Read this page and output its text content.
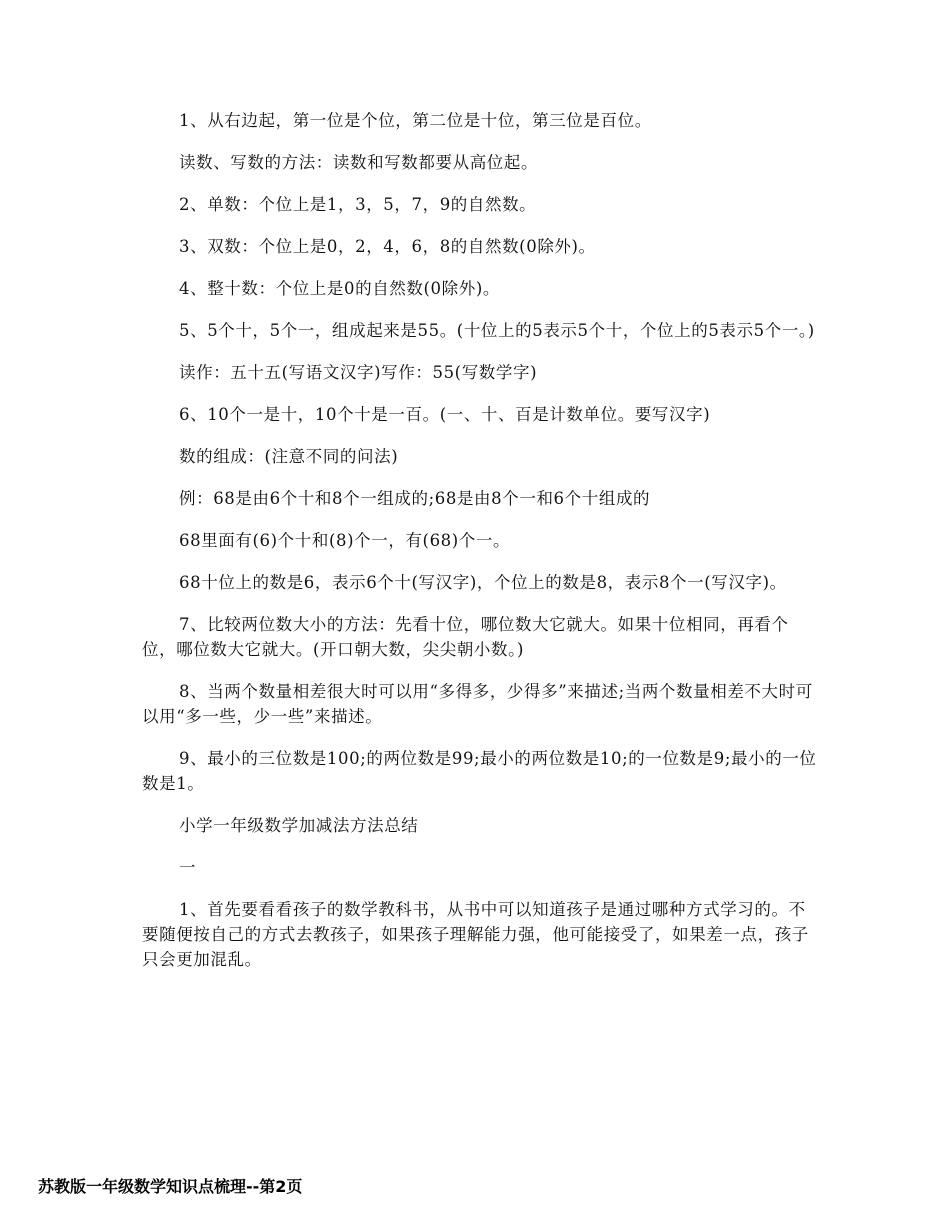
1、从右边起，第一位是个位，第二位是十位，第三位是百位。

读数、写数的方法：读数和写数都要从高位起。

2、单数：个位上是1，3，5，7，9的自然数。

3、双数：个位上是0，2，4，6，8的自然数(0除外)。

4、整十数：个位上是0的自然数(0除外)。

5、5个十，5个一，组成起来是55。(十位上的5表示5个十，个位上的5表示5个一。)

读作：五十五(写语文汉字)写作：55(写数学字)

6、10个一是十，10个十是一百。(一、十、百是计数单位。要写汉字)

数的组成：(注意不同的问法)

例：68是由6个十和8个一组成的;68是由8个一和6个十组成的

68里面有(6)个十和(8)个一，有(68)个一。

68十位上的数是6，表示6个十(写汉字)，个位上的数是8，表示8个一(写汉字)。

7、比较两位数大小的方法：先看十位，哪位数大它就大。如果十位相同，再看个位，哪位数大它就大。(开口朝大数，尖尖朝小数。)

8、当两个数量相差很大时可以用“多得多，少得多”来描述;当两个数量相差不大时可以用“多一些，少一些”来描述。

9、最小的三位数是100;的两位数是99;最小的两位数是10;的一位数是9;最小的一位数是1。

小学一年级数学加减法方法总结

一

1、首先要看看孩子的数学教科书，从书中可以知道孩子是通过哪种方式学习的。不要随便按自己的方式去教孩子，如果孩子理解能力强，他可能接受了，如果差一点，孩子只会更加混乱。

苏教版一年级数学知识点梳理--第2页
